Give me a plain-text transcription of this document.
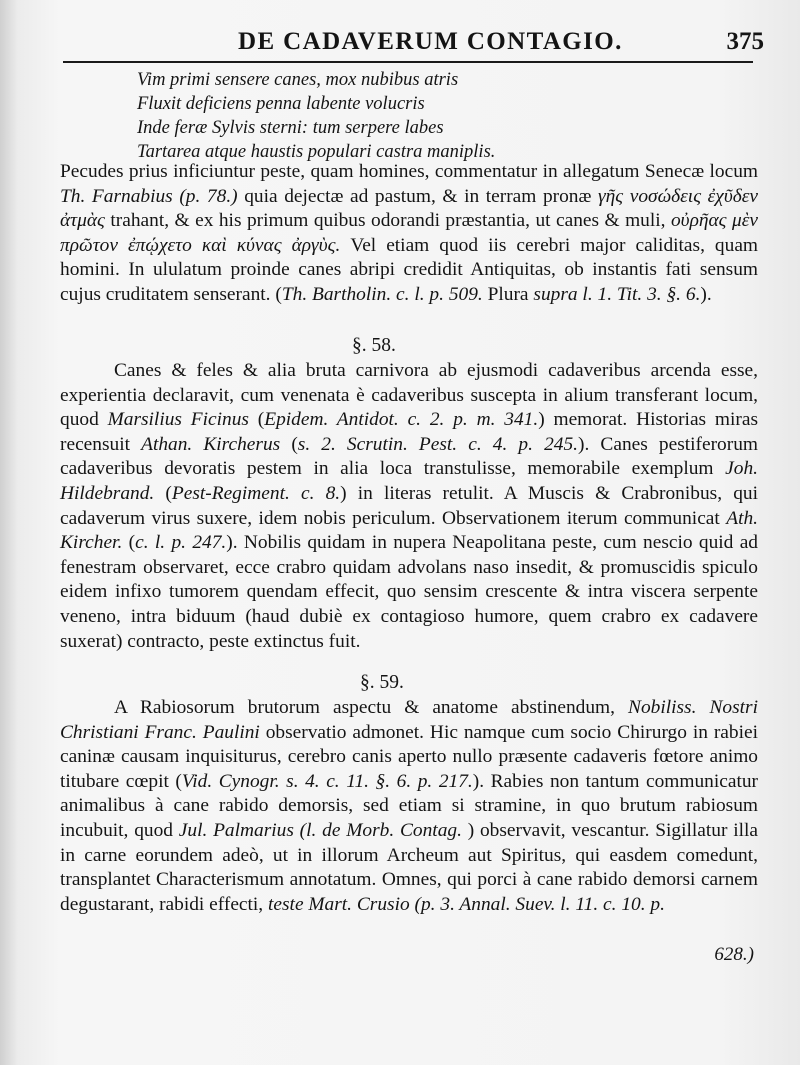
DE CADAVERUM CONTAGIO.	375
Vim primi sensere canes, mox nubibus atris
Fluxit deficiens penna labente volucris
Inde feræ Sylvis sterni: tum serpere labes
Tartarea atque haustis populari castra maniplis.
Pecudes prius inficiuntur peste, quam homines, commentatur in allegatum Senecæ locum Th. Farnabius (p. 78.) quia dejectæ ad pastum, & in terram pronæ γῆς νοσώδεις ἐχῦδεν ἀτμὰς trahant, & ex his primum quibus odorandi præstantia, ut canes & muli, οὐρῆας μὲν πρῶτον ἐπῴχετο καὶ κύνας ἀργὺς. Vel etiam quod iis cerebri major caliditas, quam homini. In ululatum proinde canes abripi credidit Antiquitas, ob instantis fati sensum cujus cruditatem senserant. (Th. Bartholin. c. l. p. 509. Plura supra l. 1. Tit. 3. §. 6.).
§. 58.
Canes & feles & alia bruta carnivora ab ejusmodi cadaveribus arcenda esse, experientia declaravit, cum venenata è cadaveribus suscepta in alium transferant locum, quod Marsilius Ficinus (Epidem. Antidot. c. 2. p. m. 341.) memorat. Historias miras recensuit Athan. Kircherus (s. 2. Scrutin. Pest. c. 4. p. 245.). Canes pestiferorum cadaveribus devoratis pestem in alia loca transtulisse, memorabile exemplum Joh. Hildebrand. (Pest-Regiment. c. 8.) in literas retulit. A Muscis & Crabronibus, qui cadaverum virus suxere, idem nobis periculum. Observationem iterum communicat Ath. Kircher. (c. l. p. 247.). Nobilis quidam in nupera Neapolitana peste, cum nescio quid ad fenestram observaret, ecce crabro quidam advolans naso insedit, & promuscidis spiculo eidem infixo tumorem quendam effecit, quo sensim crescente & intra viscera serpente veneno, intra biduum (haud dubiè ex contagioso humore, quem crabro ex cadavere suxerat) contracto, peste extinctus fuit.
§. 59.
A Rabiosorum brutorum aspectu & anatome abstinendum, Nobiliss. Nostri Christiani Franc. Paulini observatio admonet. Hic namque cum socio Chirurgo in rabiei caninæ causam inquisiturus, cerebro canis aperto nullo præsente cadaveris fœtore animo titubare cœpit (Vid. Cynogr. s. 4. c. 11. §. 6. p. 217.). Rabies non tantum communicatur animalibus à cane rabido demorsis, sed etiam si stramine, in quo brutum rabiosum incubuit, quod Jul. Palmarius (l. de Morb. Contag. ) observavit, vescantur. Sigillatur illa in carne eorundem adeò, ut in illorum Archeum aut Spiritus, qui easdem comedunt, transplantet Characterismum annotatum. Omnes, qui porci à cane rabido demorsi carnem degustarant, rabidi effecti, teste Mart. Crusio (p. 3. Annal. Suev. l. 11. c. 10. p.
628.)
